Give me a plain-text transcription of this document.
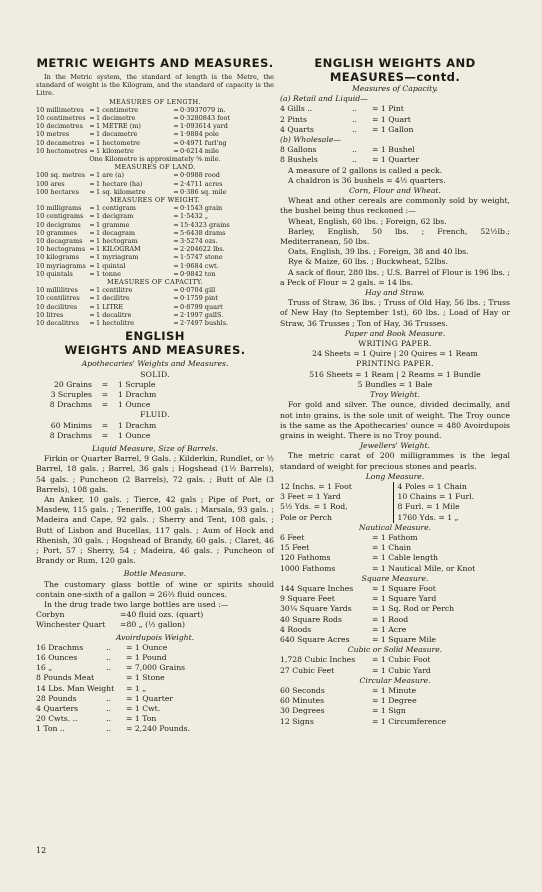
METRIC WEIGHTS AND MEASURES.

In the Metric system, the standard of length is the Metre, the standard of weight is the Kilogram, and the standard of capacity is the Litre.

MEASURES OF LENGTH.
10 millimetres = 1 centimetre	= 0·3937079 in.
10 centimetres = 1 decimetre	= 0·3280843 foot
10 decimetres = 1 METRE (m)	= 1·093614 yard
10 metres	= 1 decametre	= 1·9884 pole
10 decametres = 1 hectometre	= 0·4971 furl'ng
10 hectometres = 1 kilometre	= 0·6214 mile
One Kilometre is approximately ⅝ mile.
MEASURES OF LAND.
100 sq. metres = 1 are (a)	= 0·0988 rood
100 ares	= 1 hectare (ha)	= 2·4711 acres
100 hectares	= 1 sq. kilometre	= 0·386 sq. mile
MEASURES OF WEIGHT.
10 milligrams	= 1 centigram	= 0·1543 grain
10 centigrams = 1 decigram	= 1·5432 „
10 decigrams	= 1 gramme	= 15·4323 grains
10 grammes	= 1 decagram	= 5·6438 drams
10 decagrams	= 1 hectogram	= 3·5274 ozs.
10 hectograms = 1 KILOGRAM	= 2·204622 lbs.
10 kilograms	= 1 myriagram	= 1·5747 stone
10 myriagrams = 1 quintal	= 1·9684 cwt.
10 quintals	= 1 tonne	= 0·9842 ton
MEASURES OF CAPACITY.
10 millilitres	= 1 centilitre	= 0·0704 gill
10 centilitres	= 1 decilitre	= 0·1759 pint
10 decilitres	= 1 LITRE	= 0·8799 quart
10 litres	= 1 decalitre	= 2·1997 gallS.
10 decalitres	= 1 hectolitre	= 2·7497 bushls.
ENGLISH
WEIGHTS AND MEASURES.
Apothecaries' Weights and Measures.
SOLID.
20 Grains	=	1 Scruple
3 Scruples	=	1 Drachm
8 Drachms	=	1 Ounce
FLUID.
60 Minims	=	1 Drachm
8 Drachms	=	1 Ounce
Liquid Measure, Size of Barrels.

Firkin or Quarter Barrel, 9 Gals. ; Kilderkin, Rundlet, or ½ Barrel, 18 gals. ; Barrel, 36 gals ; Hogshead (1½ Barrels), 54 gals. ; Puncheon (2 Barrels), 72 gals. ; Butt of Ale (3 Barrels), 108 gals.

An Anker, 10 gals. ; Tierce, 42 gals ; Pipe of Port, or Masdew, 115 gals. ; Teneriffe, 100 gals. ; Marsala, 93 gals. ; Madeira and Cape, 92 gals. ; Sherry and Tent, 108 gals. ; Butt of Lisbon and Bucellas, 117 gals. ; Aum of Hock and Rhenish, 30 gals. ; Hogshead of Brandy, 60 gals. ; Claret, 46 ; Port, 57 ; Sherry, 54 ; Madeira, 46 gals. ; Puncheon of Brandy or Rum, 120 gals.

Bottle Measure.

The customary glass bottle of wine or spirits should contain one-sixth of a gallon = 26⅔ fluid ounces.

In the drug trade two large bottles are used :—

Corbyn	=40 fluid ozs. (quart)
Winchester Quart	=80 „ (½ gallon)
Avoirdupois Weight.
16 Drachms	..	= 1 Ounce
16 Ounces	..	= 1 Pound
16 „	..	= 7,000 Grains
8 Pounds Meat	= 1 Stone
14 Lbs. Man Weight = 1 „
28 Pounds	..	= 1 Quarter
4 Quarters	..	= 1 Cwt.
20 Cwts. ..	..	= 1 Ton
1 Ton ..	..	= 2,240 Pounds.
ENGLISH WEIGHTS AND
MEASURES—contd.
Measures of Capacity.
(a) Retail and Liquid—
4 Gills ..	..	= 1 Pint
2 Pints	..	= 1 Quart
4 Quarts	..	= 1 Gallon
(b) Wholesale—
8 Gallons	..	= 1 Bushel
8 Bushels	..	= 1 Quarter

A measure of 2 gallons is called a peck.

A chaldron is 36 bushels = 4½ quarters.

Corn, Flour and Wheat.

Wheat and other cereals are commonly sold by weight, the bushel being thus reckoned :—

Wheat, English, 60 lbs. ; Foreign, 62 lbs.

Barley, English, 50 lbs. ; French, 52½lb.; Mediterranean, 50 lbs.

Oats, English, 39 lbs. ; Foreign, 38 and 40 lbs.

Rye & Maize, 60 lbs. ; Buckwheat, 52lbs.

A sack of flour, 280 lbs. ; U.S. Barrel of Flour is 196 lbs. ; a Peck of Flour = 2 gals. = 14 lbs.

Hay and Straw.

Truss of Straw, 36 lbs. ; Truss of Old Hay, 56 lbs. ; Truss of New Hay (to September 1st), 60 lbs. ; Load of Hay or Straw, 36 Trusses ; Ton of Hay, 36 Trusses.

Paper and Book Measure.
WRITING PAPER.
24 Sheets = 1 Quire | 20 Quires = 1 Ream
PRINTING PAPER.
516 Sheets = 1 Ream | 2 Reams = 1 Bundle
5 Bundles = 1 Bale
Troy Weight.

For gold and silver. The ounce, divided decimally, and not into grains, is the sole unit of weight. The Troy ounce is the same as the Apothecaries' ounce = 480 Avoirdupois grains in weight. There is no Troy pound.

Jewellers' Weight.

The metric carat of 200 milligrammes is the legal standard of weight for precious stones and pearls.

Long Measure.
12 Inchs. = 1 Foot
3 Feet = 1 Yard
5½ Yds. = 1 Rod,
Pole or Perch
4 Poles = 1 Chain
10 Chains = 1 Furl.
8 Furl. = 1 Mile
1760 Yds. = 1 „
Nautical Measure.
6 Feet	= 1 Fathom
15 Feet	= 1 Chain
120 Fathoms	= 1 Cable length
1000 Fathoms	= 1 Nautical Mile, or Knot
Square Measure.
144 Square Inches	= 1 Square Foot
9 Square Feet	= 1 Square Yard
30¼ Square Yards	= 1 Sq. Rod or Perch
40 Square Rods	= 1 Rood
4 Roods	= 1 Acre
640 Square Acres	= 1 Square Mile
Cubic or Solid Measure.
1,728 Cubic Inches	= 1 Cubic Foot
27 Cubic Feet	= 1 Cubic Yard
Circular Measure.
60 Seconds	= 1 Minute
60 Minutes	= 1 Degree
30 Degrees	= 1 Sign
12 Signs	= 1 Circumference
12
